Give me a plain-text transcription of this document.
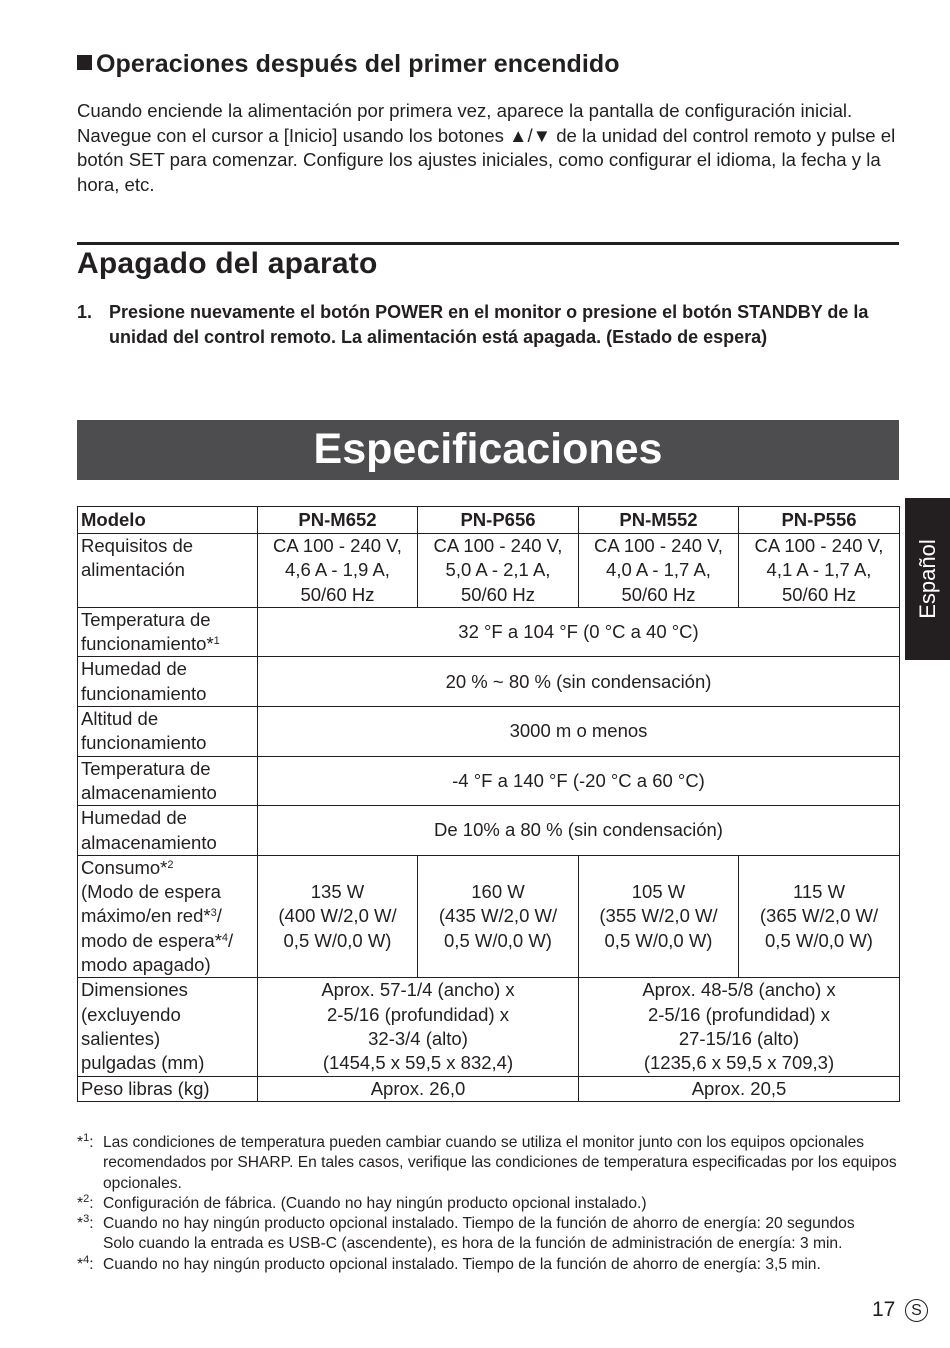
Operaciones después del primer encendido
Cuando enciende la alimentación por primera vez, aparece la pantalla de configuración inicial. Navegue con el cursor a [Inicio] usando los botones ▲/▼ de la unidad del control remoto y pulse el botón SET para comenzar. Configure los ajustes iniciales, como configurar el idioma, la fecha y la hora, etc.
Apagado del aparato
1. Presione nuevamente el botón POWER en el monitor o presione el botón STANDBY de la unidad del control remoto. La alimentación está apagada. (Estado de espera)
Especificaciones
Español
Modelo	PN-M652	PN-P656	PN-M552	PN-P556
Requisitos de alimentación	CA 100 - 240 V,
4,6 A - 1,9 A,
50/60 Hz	CA 100 - 240 V,
5,0 A - 2,1 A,
50/60 Hz	CA 100 - 240 V,
4,0 A - 1,7 A,
50/60 Hz	CA 100 - 240 V,
4,1 A - 1,7 A,
50/60 Hz
Temperatura de
funcionamiento*$^1$	32 °F a 104 °F (0 °C a 40 °C)			
Humedad de
funcionamiento	20 % ~ 80 % (sin condensación)			
Altitud de
funcionamiento	3000 m o menos			
Temperatura de
almacenamiento	-4 °F a 140 °F (-20 °C a 60 °C)			
Humedad de
almacenamiento	De 10% a 80 % (sin condensación)			
Consumo*$^2$
(Modo de espera
máximo/en red*$^3$/
modo de espera*$^4$/
modo apagado)	135 W
(400 W/2,0 W/
0,5 W/0,0 W)	160 W
(435 W/2,0 W/
0,5 W/0,0 W)	105 W
(355 W/2,0 W/
0,5 W/0,0 W)	115 W
(365 W/2,0 W/
0,5 W/0,0 W)
Dimensiones
(excluyendo
salientes)
pulgadas (mm)	Aprox. 57-1/4 (ancho) x
2-5/16 (profundidad) x
32-3/4 (alto)
(1454,5 x 59,5 x 832,4)		Aprox. 48-5/8 (ancho) x
2-5/16 (profundidad) x
27-15/16 (alto)
(1235,6 x 59,5 x 709,3)	
Peso libras (kg)	Aprox. 26,0		Aprox. 20,5	
*$^1$: Las condiciones de temperatura pueden cambiar cuando se utiliza el monitor junto con los equipos opcionales recomendados por SHARP. En tales casos, verifique las condiciones de temperatura especificadas por los equipos opcionales.
*$^2$: Configuración de fábrica. (Cuando no hay ningún producto opcional instalado.)
*$^3$: Cuando no hay ningún producto opcional instalado. Tiempo de la función de ahorro de energía: 20 segundos
Solo cuando la entrada es USB-C (ascendente), es hora de la función de administración de energía: 3 min.
*$^4$: Cuando no hay ningún producto opcional instalado. Tiempo de la función de ahorro de energía: 3,5 min.
17 S
